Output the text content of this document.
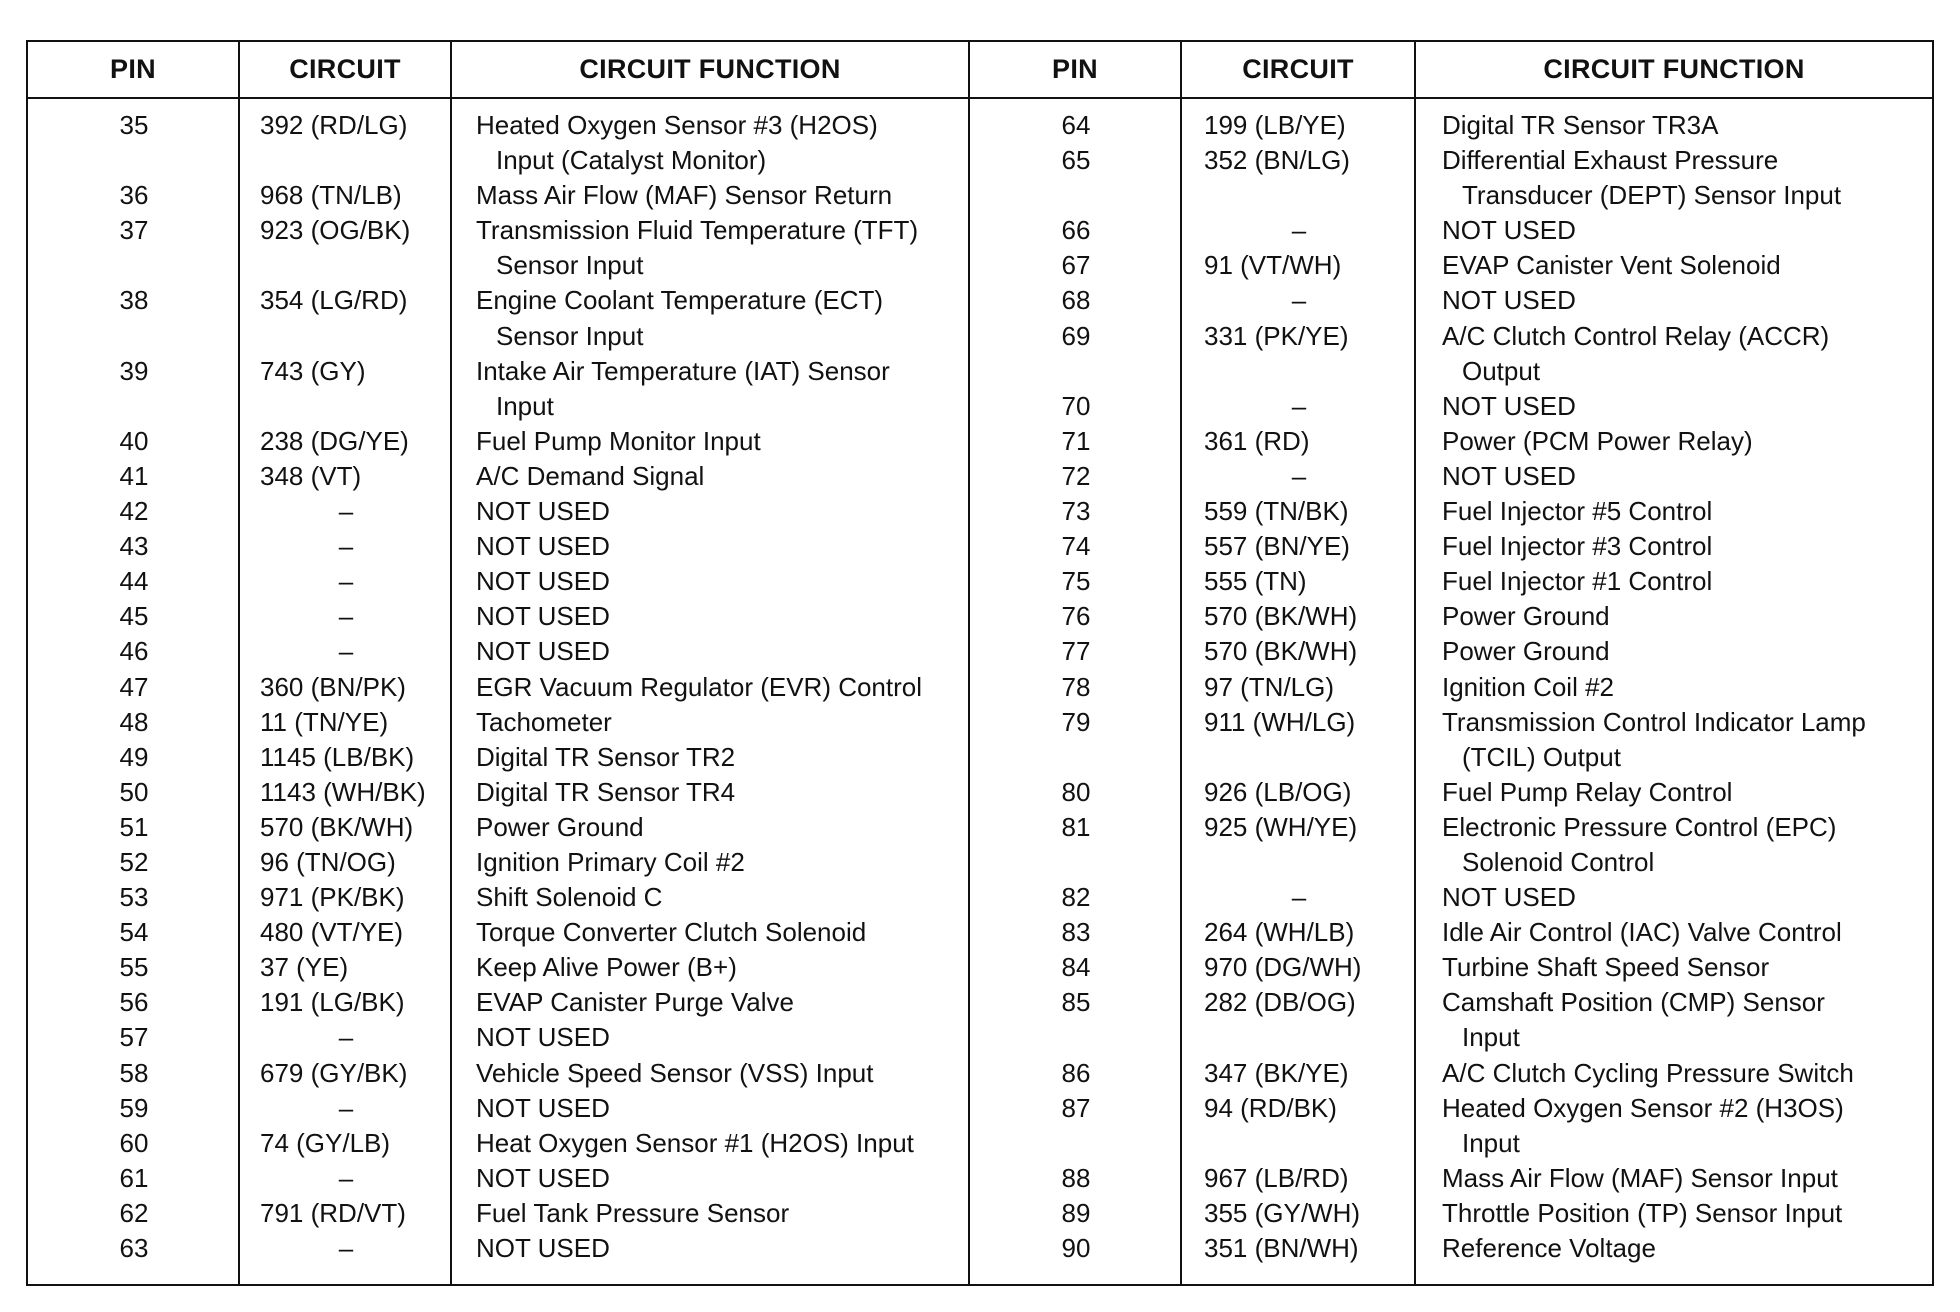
PIN	CIRCUIT	CIRCUIT FUNCTION	PIN	CIRCUIT	CIRCUIT FUNCTION
35	392 (RD/LG)	Heated Oxygen Sensor #3 (H2OS)
Input (Catalyst Monitor)
36	968 (TN/LB)	Mass Air Flow (MAF) Sensor Return
37	923 (OG/BK)	Transmission Fluid Temperature (TFT)
Sensor Input
38	354 (LG/RD)	Engine Coolant Temperature (ECT)
Sensor Input
39	743 (GY)	Intake Air Temperature (IAT) Sensor
Input
40	238 (DG/YE)	Fuel Pump Monitor Input
41	348 (VT)	A/C Demand Signal
42	–	NOT USED
43	–	NOT USED
44	–	NOT USED
45	–	NOT USED
46	–	NOT USED
47	360 (BN/PK)	EGR Vacuum Regulator (EVR) Control
48	11 (TN/YE)	Tachometer
49	1145 (LB/BK)	Digital TR Sensor TR2
50	1143 (WH/BK)	Digital TR Sensor TR4
51	570 (BK/WH)	Power Ground
52	96 (TN/OG)	Ignition Primary Coil #2
53	971 (PK/BK)	Shift Solenoid C
54	480 (VT/YE)	Torque Converter Clutch Solenoid
55	37 (YE)	Keep Alive Power (B+)
56	191 (LG/BK)	EVAP Canister Purge Valve
57	–	NOT USED
58	679 (GY/BK)	Vehicle Speed Sensor (VSS) Input
59	–	NOT USED
60	74 (GY/LB)	Heat Oxygen Sensor #1 (H2OS) Input
61	–	NOT USED
62	791 (RD/VT)	Fuel Tank Pressure Sensor
63	–	NOT USED
64	199 (LB/YE)	Digital TR Sensor TR3A
65	352 (BN/LG)	Differential Exhaust Pressure
Transducer (DEPT) Sensor Input
66	–	NOT USED
67	91 (VT/WH)	EVAP Canister Vent Solenoid
68	–	NOT USED
69	331 (PK/YE)	A/C Clutch Control Relay (ACCR)
Output
70	–	NOT USED
71	361 (RD)	Power (PCM Power Relay)
72	–	NOT USED
73	559 (TN/BK)	Fuel Injector #5 Control
74	557 (BN/YE)	Fuel Injector #3 Control
75	555 (TN)	Fuel Injector #1 Control
76	570 (BK/WH)	Power Ground
77	570 (BK/WH)	Power Ground
78	97 (TN/LG)	Ignition Coil #2
79	911 (WH/LG)	Transmission Control Indicator Lamp
(TCIL) Output
80	926 (LB/OG)	Fuel Pump Relay Control
81	925 (WH/YE)	Electronic Pressure Control (EPC)
Solenoid Control
82	–	NOT USED
83	264 (WH/LB)	Idle Air Control (IAC) Valve Control
84	970 (DG/WH)	Turbine Shaft Speed Sensor
85	282 (DB/OG)	Camshaft Position (CMP) Sensor
Input
86	347 (BK/YE)	A/C Clutch Cycling Pressure Switch
87	94 (RD/BK)	Heated Oxygen Sensor #2 (H3OS)
Input
88	967 (LB/RD)	Mass Air Flow (MAF) Sensor Input
89	355 (GY/WH)	Throttle Position (TP) Sensor Input
90	351 (BN/WH)	Reference Voltage
